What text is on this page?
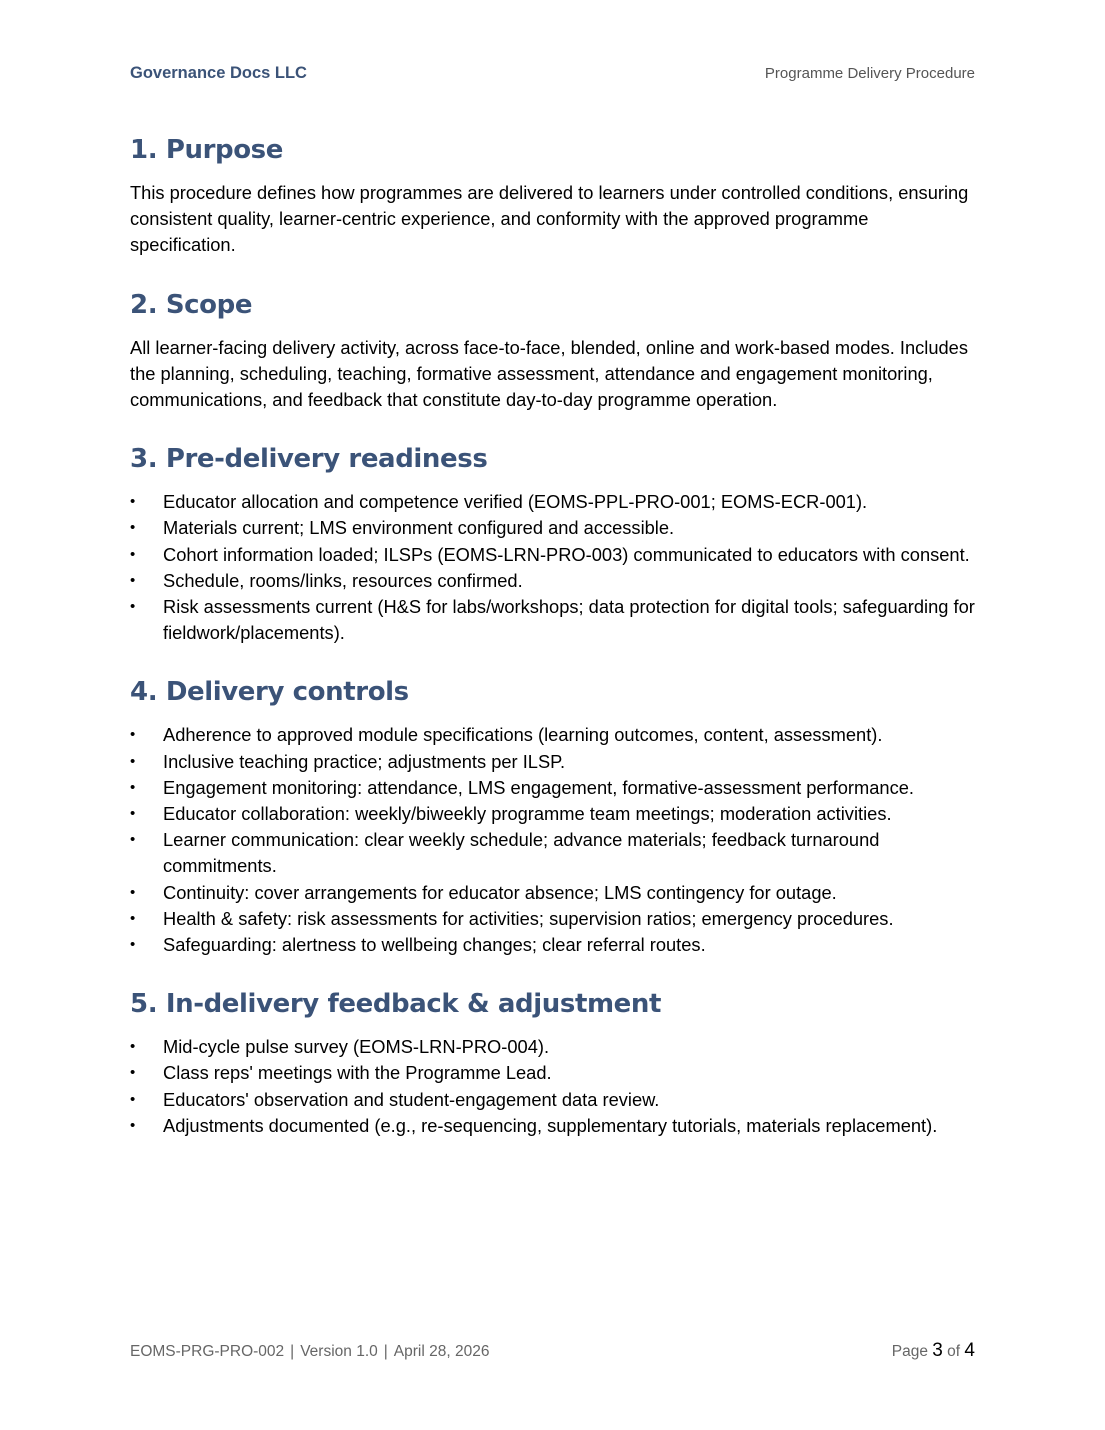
Governance Docs LLC	Programme Delivery Procedure
1. Purpose

This procedure defines how programmes are delivered to learners under controlled conditions, ensuring consistent quality, learner-centric experience, and conformity with the approved programme specification.

2. Scope

All learner-facing delivery activity, across face-to-face, blended, online and work-based modes. Includes the planning, scheduling, teaching, formative assessment, attendance and engagement monitoring, communications, and feedback that constitute day-to-day programme operation.

3. Pre-delivery readiness
• Educator allocation and competence verified (EOMS-PPL-PRO-001; EOMS-ECR-001).
• Materials current; LMS environment configured and accessible.
• Cohort information loaded; ILSPs (EOMS-LRN-PRO-003) communicated to educators with consent.
• Schedule, rooms/links, resources confirmed.
• Risk assessments current (H&S for labs/workshops; data protection for digital tools; safeguarding for fieldwork/placements).
4. Delivery controls
• Adherence to approved module specifications (learning outcomes, content, assessment).
• Inclusive teaching practice; adjustments per ILSP.
• Engagement monitoring: attendance, LMS engagement, formative-assessment performance.
• Educator collaboration: weekly/biweekly programme team meetings; moderation activities.
• Learner communication: clear weekly schedule; advance materials; feedback turnaround commitments.
• Continuity: cover arrangements for educator absence; LMS contingency for outage.
• Health & safety: risk assessments for activities; supervision ratios; emergency procedures.
• Safeguarding: alertness to wellbeing changes; clear referral routes.
5. In-delivery feedback & adjustment
• Mid-cycle pulse survey (EOMS-LRN-PRO-004).
• Class reps' meetings with the Programme Lead.
• Educators' observation and student-engagement data review.
• Adjustments documented (e.g., re-sequencing, supplementary tutorials, materials replacement).
EOMS-PRG-PRO-002 | Version 1.0 | April 28, 2026	Page 3 of 4
